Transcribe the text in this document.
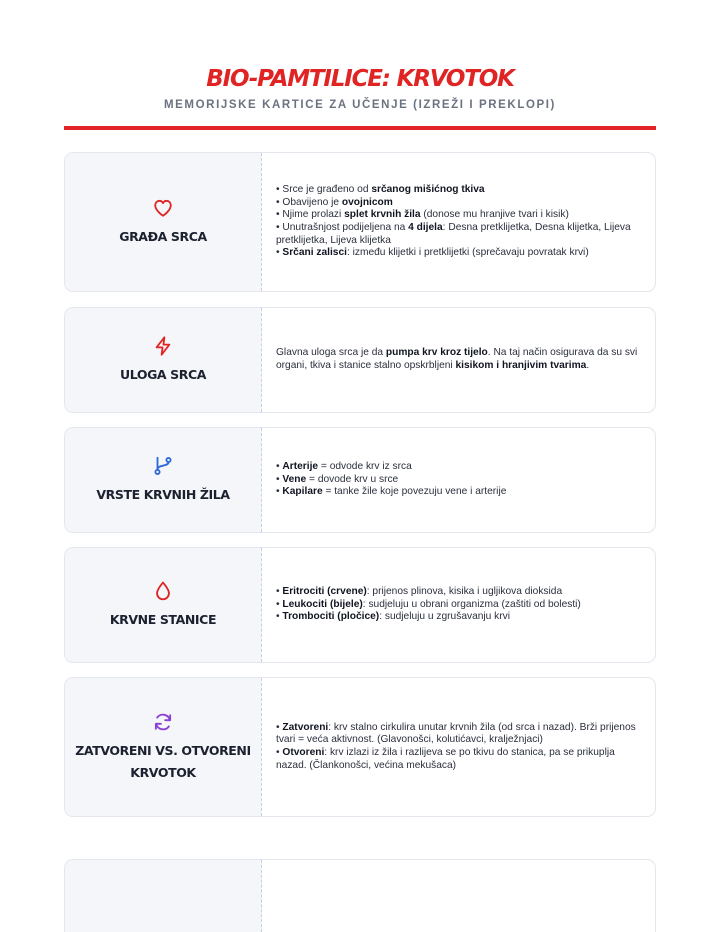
BIO-PAMTILICE: KRVOTOK
MEMORIJSKE KARTICE ZA UČENJE (IZREŽI I PREKLOPI)
GRAĐA SRCA
• Srce je građeno od srčanog mišićnog tkiva
• Obavijeno je ovojnicom
• Njime prolazi splet krvnih žila (donose mu hranjive tvari i kisik)
• Unutrašnjost podijeljena na 4 dijela: Desna pretklijetka, Desna klijetka, Lijeva pretklijetka, Lijeva klijetka
• Srčani zalisci: između klijetki i pretklijetki (sprečavaju povratak krvi)
ULOGA SRCA
Glavna uloga srca je da pumpa krv kroz tijelo. Na taj način osigurava da su svi organi, tkiva i stanice stalno opskrbljeni kisikom i hranjivim tvarima.
VRSTE KRVNIH ŽILA
• Arterije = odvode krv iz srca
• Vene = dovode krv u srce
• Kapilare = tanke žile koje povezuju vene i arterije
KRVNE STANICE
• Eritrociti (crvene): prijenos plinova, kisika i ugljikova dioksida
• Leukociti (bijele): sudjeluju u obrani organizma (zaštiti od bolesti)
• Trombociti (pločice): sudjeluju u zgrušavanju krvi
ZATVORENI VS. OTVORENI KRVOTOK
• Zatvoreni: krv stalno cirkulira unutar krvnih žila (od srca i nazad). Brži prijenos tvari = veća aktivnost. (Glavonošci, kolutićavci, kralježnjaci)
• Otvoreni: krv izlazi iz žila i razlijeva se po tkivu do stanica, pa se prikuplja nazad. (Člankonošci, većina mekušaca)
